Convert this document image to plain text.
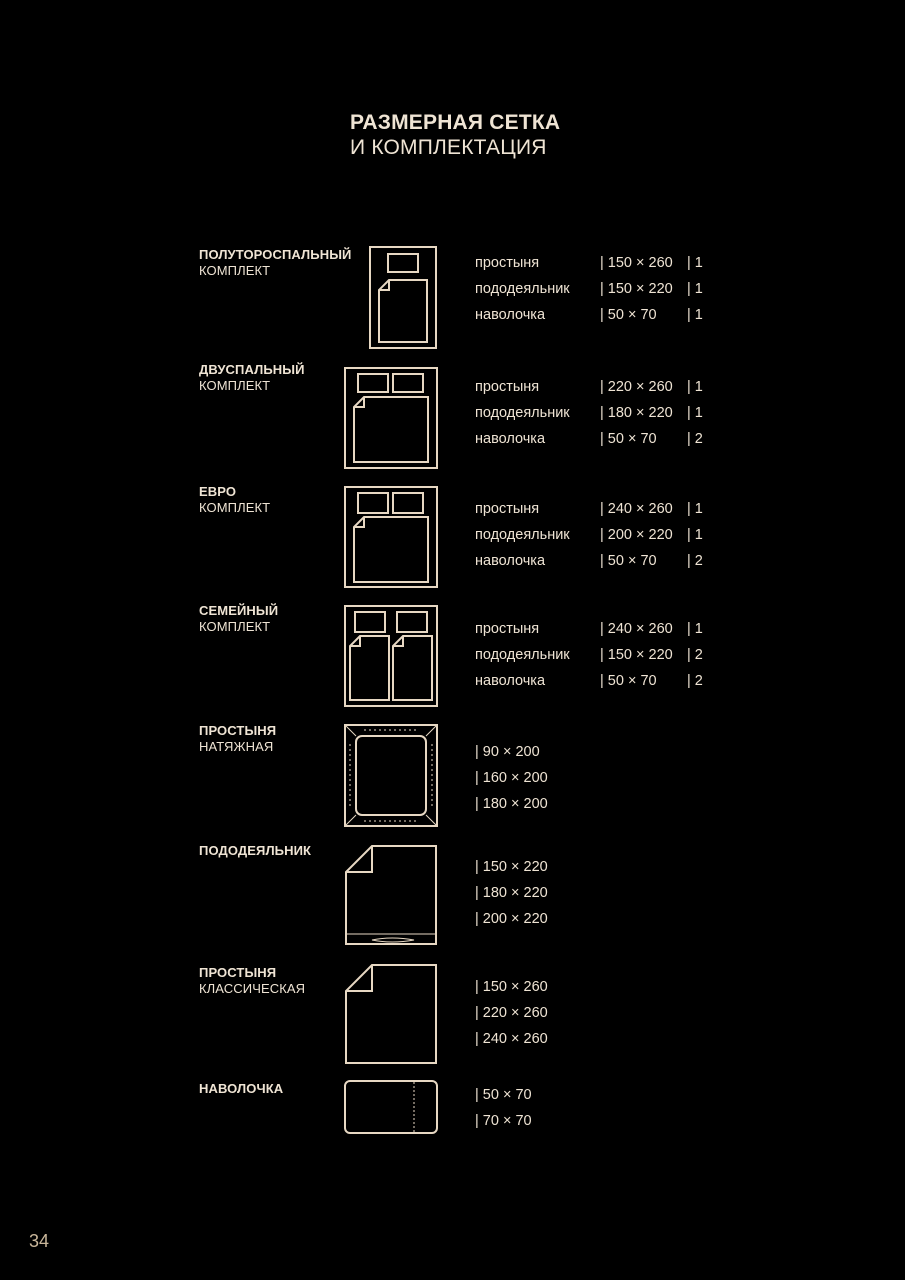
РАЗМЕРНАЯ СЕТКА
И КОМПЛЕКТАЦИЯ
ПОЛУТОРОСПАЛЬНЫЙ
КОМПЛЕКТ	простыня	| 150 × 260 | 1
пододеяльник | 150 × 220 | 1
наволочка	| 50 × 70 | 1
ДВУСПАЛЬНЫЙ
КОМПЛЕКТ	простыня	| 220 × 260 | 1
пододеяльник | 180 × 220 | 1
наволочка	| 50 × 70 | 2
ЕВРО
КОМПЛЕКТ	простыня	| 240 × 260 | 1
пододеяльник | 200 × 220 | 1
наволочка	| 50 × 70 | 2
СЕМЕЙНЫЙ
КОМПЛЕКТ	простыня	| 240 × 260 | 1
пододеяльник | 150 × 220 | 2
наволочка	| 50 × 70 | 2
ПРОСТЫНЯ
НАТЯЖНАЯ	| 90 × 200
| 160 × 200
| 180 × 200
ПОДОДЕЯЛЬНИК
| 150 × 220
| 180 × 220
| 200 × 220
ПРОСТЫНЯ
КЛАССИЧЕСКАЯ	| 150 × 260
| 220 × 260
| 240 × 260
НАВОЛОЧКА	| 50 × 70
| 70 × 70
34
